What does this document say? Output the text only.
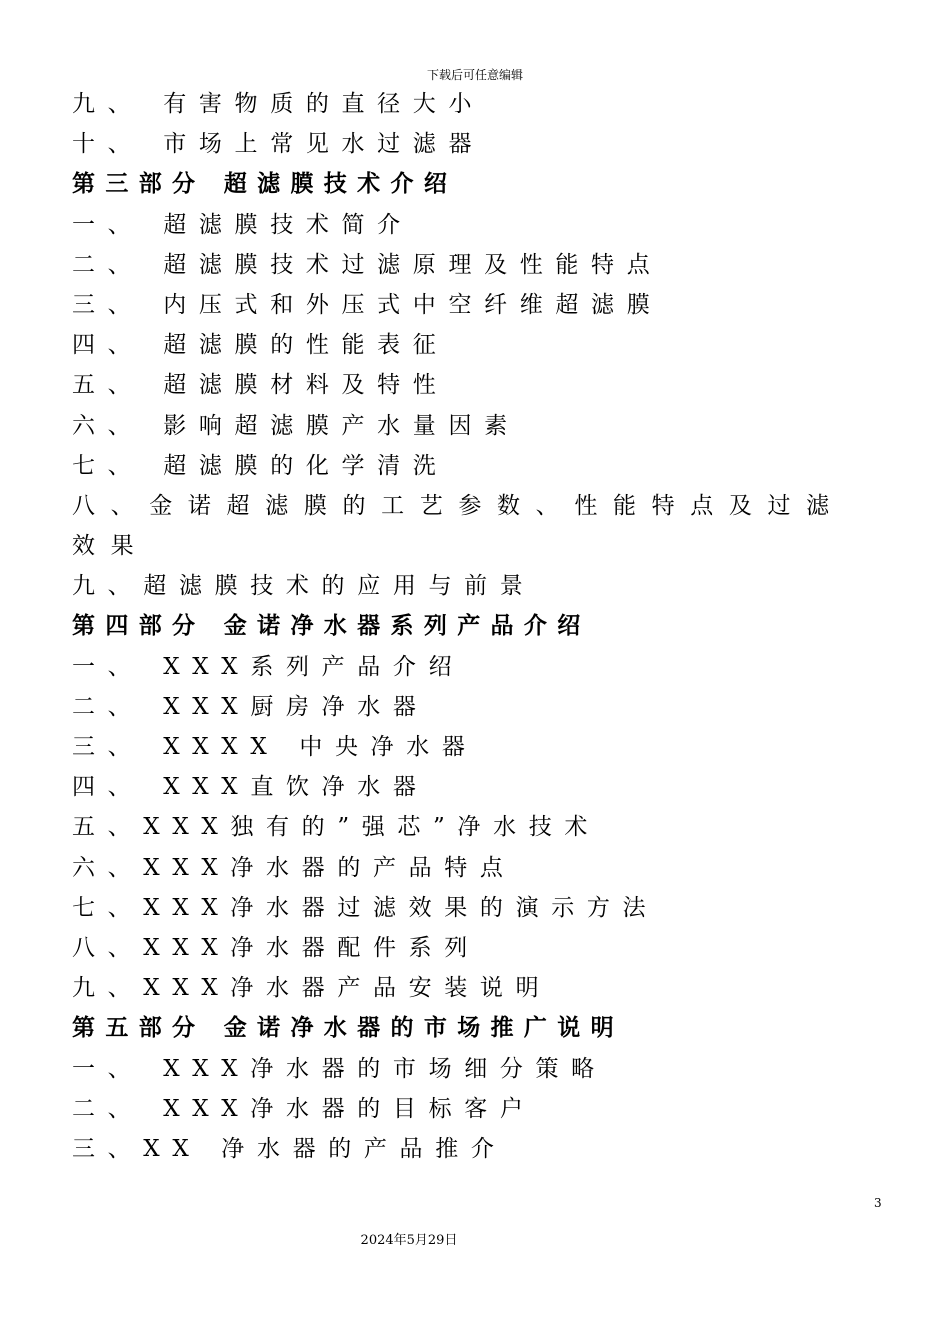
下载后可任意编辑
九、 有害物质的直径大小
十、 市场上常见水过滤器
第三部分 超滤膜技术介绍
一、 超滤膜技术简介
二、 超滤膜技术过滤原理及性能特点
三、 内压式和外压式中空纤维超滤膜
四、 超滤膜的性能表征
五、 超滤膜材料及特性
六、 影响超滤膜产水量因素
七、 超滤膜的化学清洗
八、金诺超滤膜的工艺参数、性能特点及过滤
效果
九、超滤膜技术的应用与前景
第四部分 金诺净水器系列产品介绍
一、 XXX系列产品介绍
二、 XXX厨房净水器
三、 XXXX 中央净水器
四、 XXX直饮净水器
五、XXX独有的”强芯”净水技术
六、XXX净水器的产品特点
七、XXX净水器过滤效果的演示方法
八、XXX净水器配件系列
九、XXX净水器产品安装说明
第五部分 金诺净水器的市场推广说明
一、 XXX净水器的市场细分策略
二、 XXX净水器的目标客户
三、XX 净水器的产品推介
3
2024年5月29日
